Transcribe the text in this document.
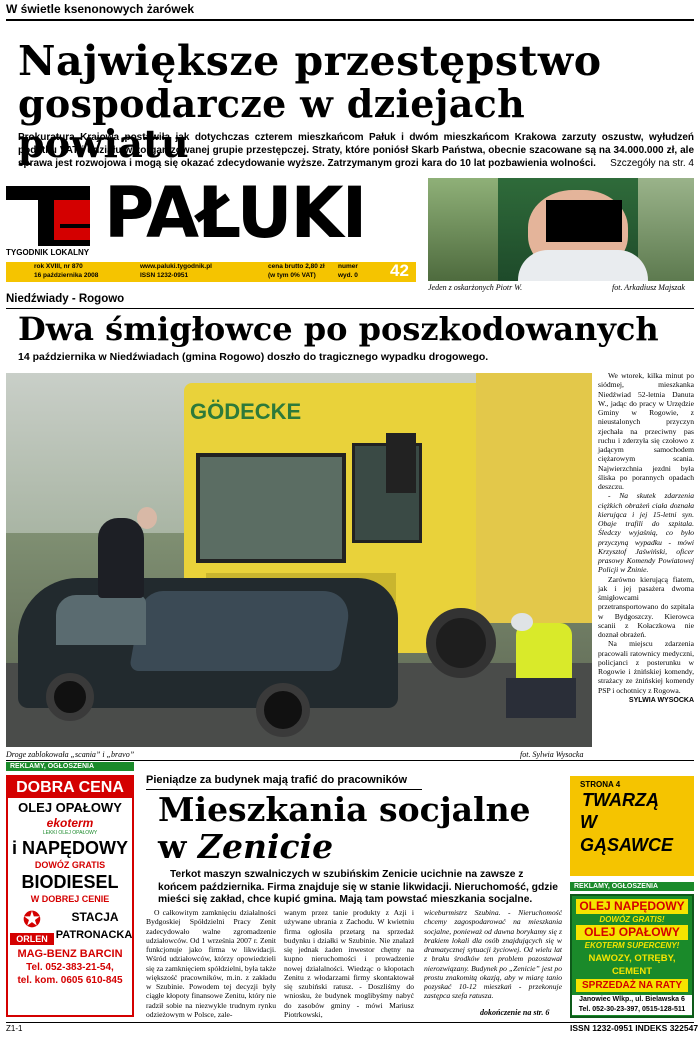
W świetle ksenonowych żarówek
Największe przestępstwo
gospodarcze w dziejach powiatu
Prokuratura Krajowa postawiła jak dotychczas czterem mieszkańcom Pałuk i dwóm mieszkańcom Krakowa zarzuty oszustw, wyłudzeń podatku VAT i udziału w zorganizowanej grupie przestępczej. Straty, które poniósł Skarb Państwa, obecnie szacowane są na 34.000.000 zł, ale sprawa jest rozwojowa i mogą się okazać zdecydowanie wyższe. Zatrzymanym grozi kara do 10 lat pozbawienia wolności. Szczegóły na str. 4
TYGODNIK LOKALNY PAŁUKI
rok XVIII, nr 870
16 października 2008
www.paluki.tygodnik.pl
ISSN 1232-0951
cena brutto 2,80 zł
(w tym 0% VAT)
numer
wyd. 0 42
Jeden z oskarżonych Piotr W.	fot. Arkadiusz Majszak
Niedźwiady - Rogowo
Dwa śmigłowce po poszkodowanych
14 października w Niedźwiadach (gmina Rogowo) doszło do tragicznego wypadku drogowego.
GÖDECKE
Droge zablokowała „scania” i „bravo”	fot. Sylwia Wysocka

We wtorek, kilka minut po siódmej, mieszkanka Niedźwiad 52-letnia Danuta W., jadąc do pracy w Urzędzie Gminy w Rogowie, z nieustalonych przyczyn zjechała na przeciwny pas ruchu i zderzyła się czołowo z jadącym samochodem ciężarowym scania. Najwierzchnia jezdni była śliska po porannych opadach deszczu.

- Na skutek zdarzenia ciężkich obrażeń ciała doznała kierująca i jej 15-letni syn. Obaje trafili do szpitala. Śledczy wyjaśnią, co było przyczyną wypadku - mówi Krzysztof Jaświński, oficer prasowy Komendy Powiatowej Policji w Żninie.

Zarówno kierującą fiatem, jak i jej pasażera dwoma śmigłowcami przetransportowano do szpitala w Bydgoszczy. Kierowca scanii z Kołaczkowa nie doznał obrażeń.

Na miejscu zdarzenia pracowali ratownicy medyczni, policjanci z posterunku w Rogowie i żnińskiej komendy, strażacy ze żnińskiej komendy PSP i ochotnicy z Rogowa.

SYLWIA WYSOCKA

REKLAMY, OGŁOSZENIA
DOBRA CENA
OLEJ OPAŁOWY
ekoterm
LEKKI OLEJ OPAŁOWY
i NAPĘDOWY
DOWÓZ GRATIS
BIODIESEL
W DOBREJ CENIE
✪
ORLEN
STACJA
PATRONACKA
MAG-BENZ BARCIN
Tel. 052-383-21-54,
tel. kom. 0605 610-845
Pieniądze za budynek mają trafić do pracowników
Mieszkania socjalne
w Zenicie
Terkot maszyn szwalniczych w szubińskim Zenicie ucichnie na zawsze z końcem października. Firma znajduje się w stanie likwidacji. Nieruchomość, gdzie mieści się zakład, chce kupić gmina. Mają tam powstać mieszkania socjalne.
O całkowitym zamknięciu działalności Bydgoskiej Spółdzielni Pracy Zenit zadecydowało walne zgromadzenie udziałowców. Od 1 września 2007 r. Zenit funkcjonuje jako firma w likwidacji. Wśród udziałowców, którzy opowiedzieli się za zamknięciem spółdzielni, była także większość pracowników, m.in. z zakładu w Szubinie. Powodem tej decyzji były ciągłe kłopoty finansowe Zenitu, który nie radził sobie na niezwykle trudnym rynku odzieżowym w Polsce, zale-
wanym przez tanie produkty z Azji i używane ubrania z Zachodu. W kwietniu firma ogłosiła przetarg na sprzedaż budynku i działki w Szubinie. Nie znalazł się jednak żaden inwestor chętny na kupno nieruchomości i prowadzenie nowej działalności. Wiedząc o kłopotach Zenitu z włodarzami firmy skontaktował się szubiński ratusz. - Doszliśmy do wniosku, że budynek moglibyśmy nabyć do zasobów gminy - mówi Mariusz Piotrkowski,
wiceburmistrz Szubina. - Nieruchomość chcemy zagospodarować na mieszkania socjalne, ponieważ od dawna borykamy się z brakiem lokali dla osób znajdujących się w dramatycznej sytuacji życiowej. Od wielu lat z braku środków ten problem pozostawał nierozwiązany. Budynek po „Zenicie” jest po prostu znakomitą okazją, aby w miarę tanio pozyskać 10-12 mieszkań - przekonuje zastępca szefa ratusza.
dokończenie na str. 6
STRONA 4
TWARZĄ
W
GĄSAWCE
REKLAMY, OGŁOSZENIA
OLEJ NAPĘDOWY
DOWÓZ GRATIS!
OLEJ OPAŁOWY
EKOTERM SUPERCENY!
NAWOZY, OTRĘBY, CEMENT
SPRZEDAŻ NA RATY
Janowiec Wlkp., ul. Bielawska 6
Tel. 052-30-23-397, 0515-128-511
Z1-1	ISSN 1232-0951 INDEKS 322547
